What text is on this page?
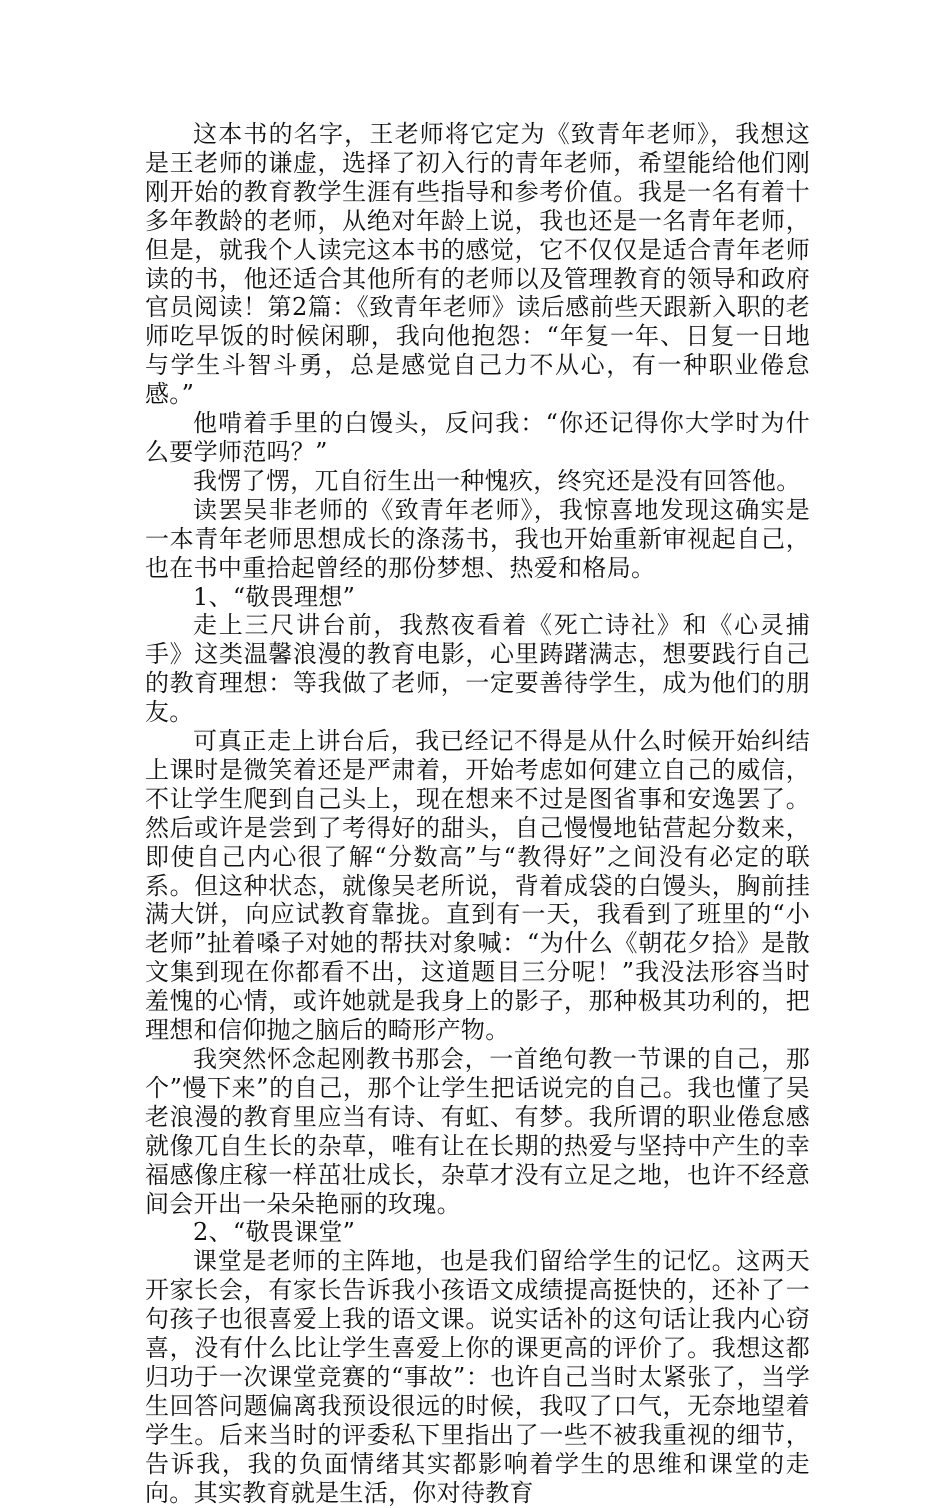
这本书的名字，王老师将它定为《致青年老师》，我想这是王老师的谦虚，选择了初入行的青年老师，希望能给他们刚刚开始的教育教学生涯有些指导和参考价值。我是一名有着十多年教龄的老师，从绝对年龄上说，我也还是一名青年老师，但是，就我个人读完这本书的感觉，它不仅仅是适合青年老师读的书，他还适合其他所有的老师以及管理教育的领导和政府官员阅读！第2篇：《致青年老师》读后感前些天跟新入职的老师吃早饭的时候闲聊，我向他抱怨：“年复一年、日复一日地与学生斗智斗勇，总是感觉自己力不从心，有一种职业倦怠感。”

他啃着手里的白馒头，反问我：“你还记得你大学时为什么要学师范吗？”

我愣了愣，兀自衍生出一种愧疚，终究还是没有回答他。

读罢吴非老师的《致青年老师》，我惊喜地发现这确实是一本青年老师思想成长的涤荡书，我也开始重新审视起自己，也在书中重拾起曾经的那份梦想、热爱和格局。

1、“敬畏理想”

走上三尺讲台前，我熬夜看着《死亡诗社》和《心灵捕手》这类温馨浪漫的教育电影，心里踌躇满志，想要践行自己的教育理想：等我做了老师，一定要善待学生，成为他们的朋友。

可真正走上讲台后，我已经记不得是从什么时候开始纠结上课时是微笑着还是严肃着，开始考虑如何建立自己的威信，不让学生爬到自己头上，现在想来不过是图省事和安逸罢了。然后或许是尝到了考得好的甜头，自己慢慢地钻营起分数来，即使自己内心很了解“分数高”与“教得好”之间没有必定的联系。但这种状态，就像吴老所说，背着成袋的白馒头，胸前挂满大饼，向应试教育靠拢。直到有一天，我看到了班里的“小老师”扯着嗓子对她的帮扶对象喊：“为什么《朝花夕拾》是散文集到现在你都看不出，这道题目三分呢！”我没法形容当时羞愧的心情，或许她就是我身上的影子，那种极其功利的，把理想和信仰抛之脑后的畸形产物。

我突然怀念起刚教书那会，一首绝句教一节课的自己，那个”慢下来”的自己，那个让学生把话说完的自己。我也懂了吴老浪漫的教育里应当有诗、有虹、有梦。我所谓的职业倦怠感就像兀自生长的杂草，唯有让在长期的热爱与坚持中产生的幸福感像庄稼一样茁壮成长，杂草才没有立足之地，也许不经意间会开出一朵朵艳丽的玫瑰。

2、“敬畏课堂”

课堂是老师的主阵地，也是我们留给学生的记忆。这两天开家长会，有家长告诉我小孩语文成绩提高挺快的，还补了一句孩子也很喜爱上我的语文课。说实话补的这句话让我内心窃喜，没有什么比让学生喜爱上你的课更高的评价了。我想这都归功于一次课堂竞赛的“事故”：也许自己当时太紧张了，当学生回答问题偏离我预设很远的时候，我叹了口气，无奈地望着学生。后来当时的评委私下里指出了一些不被我重视的细节，告诉我，我的负面情绪其实都影响着学生的思维和课堂的走向。其实教育就是生活，你对待教育
